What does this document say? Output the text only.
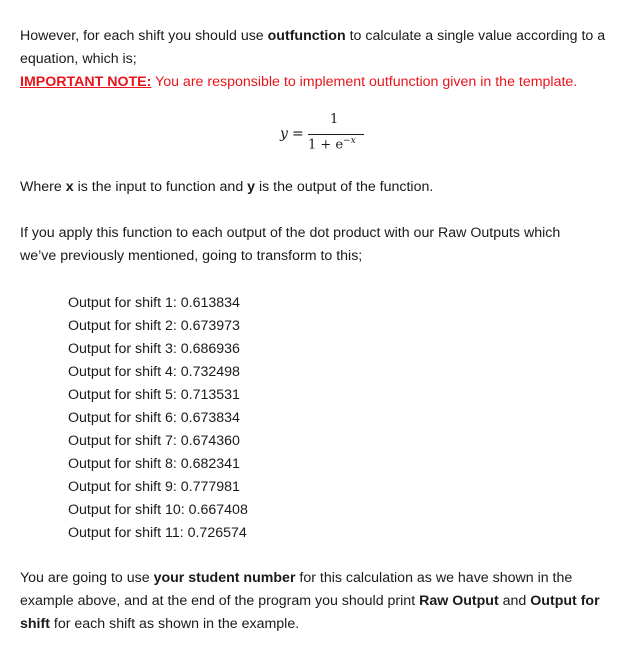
However, for each shift you should use outfunction to calculate a single value according to a
equation, which is;
IMPORTANT NOTE: You are responsible to implement outfunction given in the template.
y =
1
$1 + e^{-x}$
Where x is the input to function and y is the output of the function.
If you apply this function to each output of the dot product with our Raw Outputs which
we’ve previously mentioned, going to transform to this;
Output for shift 1: 0.613834
Output for shift 2: 0.673973
Output for shift 3: 0.686936
Output for shift 4: 0.732498
Output for shift 5: 0.713531
Output for shift 6: 0.673834
Output for shift 7: 0.674360
Output for shift 8: 0.682341
Output for shift 9: 0.777981
Output for shift 10: 0.667408
Output for shift 11: 0.726574
You are going to use your student number for this calculation as we have shown in the
example above, and at the end of the program you should print Raw Output and Output for
shift for each shift as shown in the example.
